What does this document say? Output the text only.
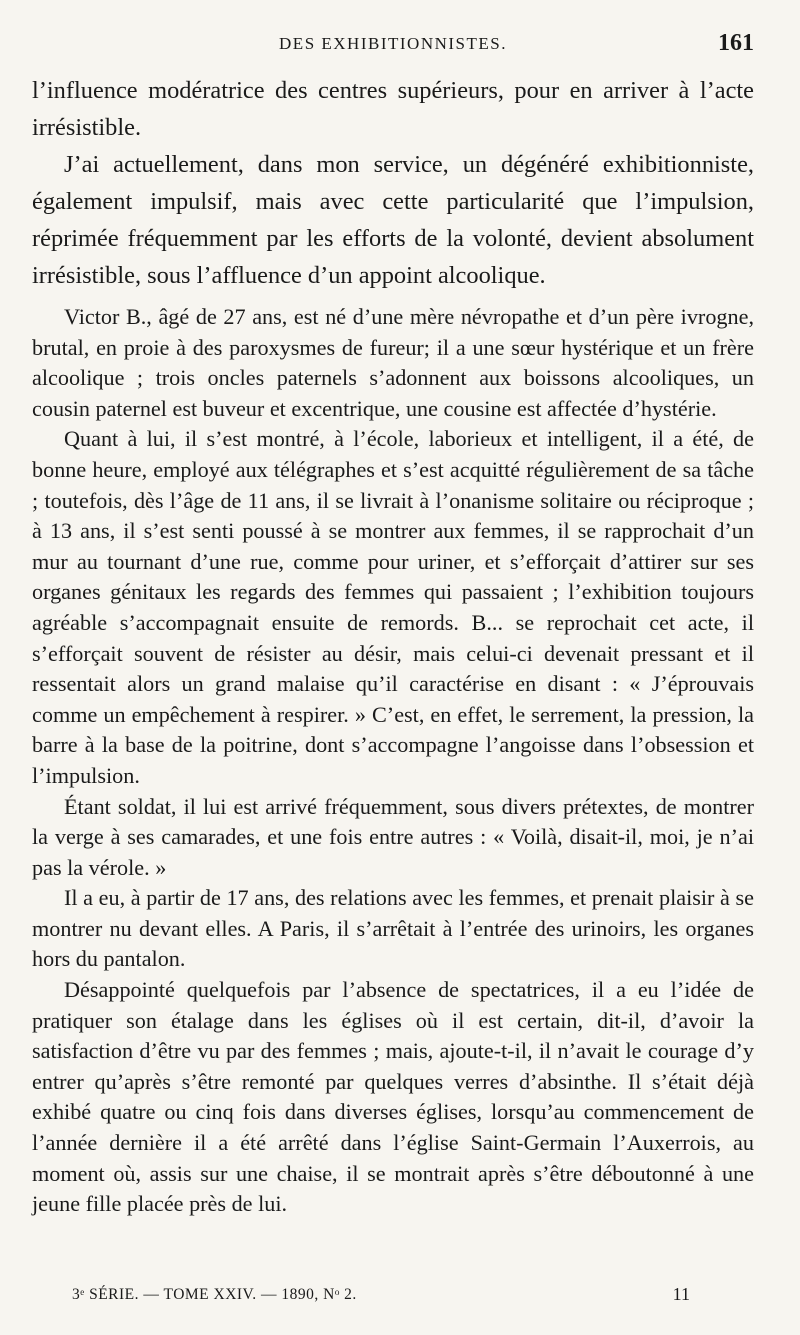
DES EXHIBITIONNISTES.	161

l’influence modératrice des centres supérieurs, pour en arriver à l’acte irrésistible.

J’ai actuellement, dans mon service, un dégénéré exhibitionniste, également impulsif, mais avec cette particularité que l’impulsion, réprimée fréquemment par les efforts de la volonté, devient absolument irrésistible, sous l’affluence d’un appoint alcoolique.

Victor B., âgé de 27 ans, est né d’une mère névropathe et d’un père ivrogne, brutal, en proie à des paroxysmes de fureur; il a une sœur hystérique et un frère alcoolique ; trois oncles paternels s’adonnent aux boissons alcooliques, un cousin paternel est buveur et excentrique, une cousine est affectée d’hystérie.

Quant à lui, il s’est montré, à l’école, laborieux et intelligent, il a été, de bonne heure, employé aux télégraphes et s’est acquitté régulièrement de sa tâche ; toutefois, dès l’âge de 11 ans, il se livrait à l’onanisme solitaire ou réciproque ; à 13 ans, il s’est senti poussé à se montrer aux femmes, il se rapprochait d’un mur au tournant d’une rue, comme pour uriner, et s’efforçait d’attirer sur ses organes génitaux les regards des femmes qui passaient ; l’exhibition toujours agréable s’accompagnait ensuite de remords. B... se reprochait cet acte, il s’efforçait souvent de résister au désir, mais celui-ci devenait pressant et il ressentait alors un grand malaise qu’il caractérise en disant : « J’éprouvais comme un empêchement à respirer. » C’est, en effet, le serrement, la pression, la barre à la base de la poitrine, dont s’accompagne l’angoisse dans l’obsession et l’impulsion.

Étant soldat, il lui est arrivé fréquemment, sous divers prétextes, de montrer la verge à ses camarades, et une fois entre autres : « Voilà, disait-il, moi, je n’ai pas la vérole. »

Il a eu, à partir de 17 ans, des relations avec les femmes, et prenait plaisir à se montrer nu devant elles. A Paris, il s’arrêtait à l’entrée des urinoirs, les organes hors du pantalon.

Désappointé quelquefois par l’absence de spectatrices, il a eu l’idée de pratiquer son étalage dans les églises où il est certain, dit-il, d’avoir la satisfaction d’être vu par des femmes ; mais, ajoute-t-il, il n’avait le courage d’y entrer qu’après s’être remonté par quelques verres d’absinthe. Il s’était déjà exhibé quatre ou cinq fois dans diverses églises, lorsqu’au commencement de l’année dernière il a été arrêté dans l’église Saint-Germain l’Auxerrois, au moment où, assis sur une chaise, il se montrait après s’être déboutonné à une jeune fille placée près de lui.

3ᵉ SÉRIE. — TOME XXIV. — 1890, Nᵒ 2.	11
